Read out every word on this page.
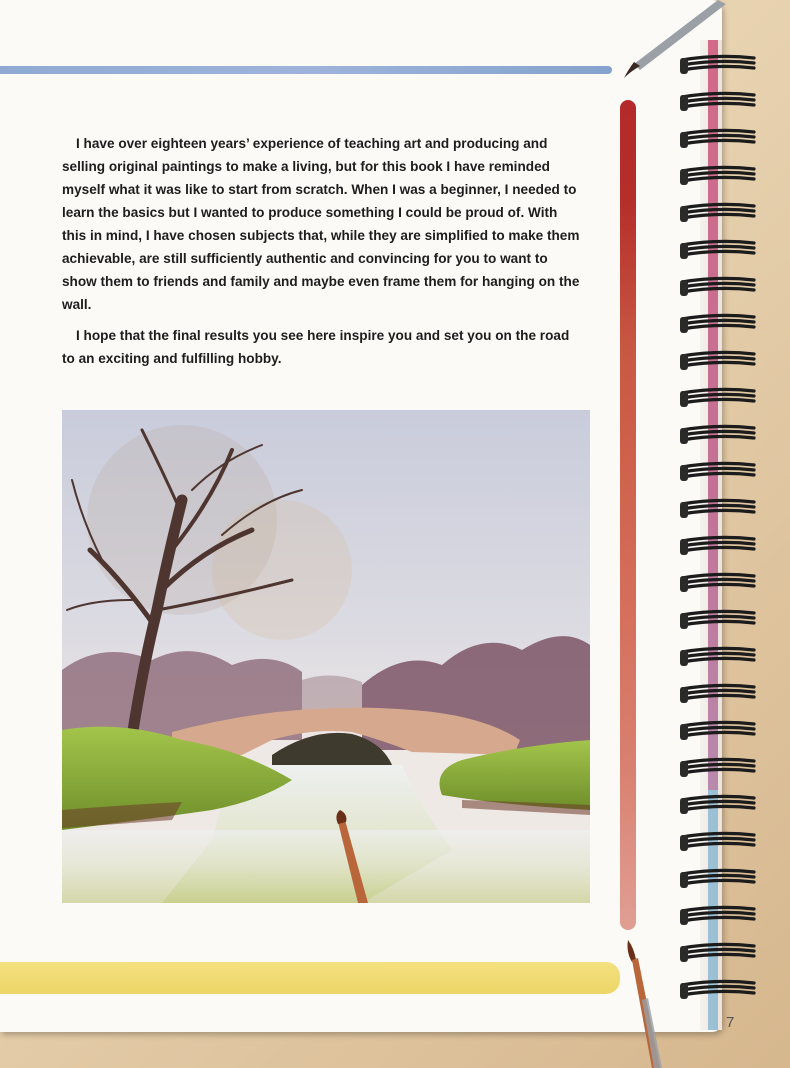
I have over eighteen years’ experience of teaching art and producing and selling original paintings to make a living, but for this book I have reminded myself what it was like to start from scratch. When I was a beginner, I needed to learn the basics but I wanted to produce something I could be proud of. With this in mind, I have chosen subjects that, while they are simplified to make them achievable, are still sufficiently authentic and convincing for you to want to show them to friends and family and maybe even frame them for hanging on the wall.

I hope that the final results you see here inspire you and set you on the road to an exciting and fulfilling hobby.

7
